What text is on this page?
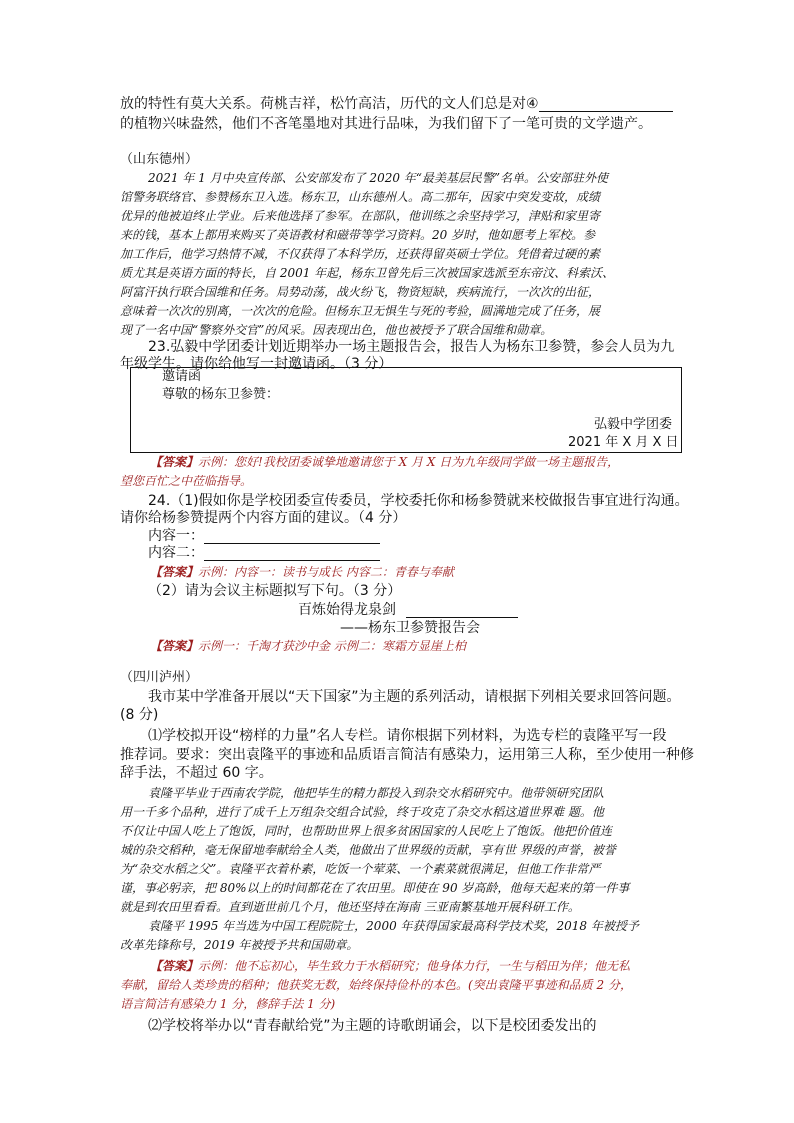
放的特性有莫大关系。荷桃吉祥，松竹高洁，历代的文人们总是对④
的植物兴味盎然，他们不吝笔墨地对其进行品味，为我们留下了一笔可贵的文学遗产。
（山东德州）
2021 年 1 月中央宣传部、公安部发布了 2020 年“最美基层民警”名单。公安部驻外使
馆警务联络官、参赞杨东卫入选。杨东卫，山东德州人。高二那年，因家中突发变故，成绩
优异的他被迫终止学业。后来他选择了参军。在部队，他训练之余坚持学习，津贴和家里寄
来的钱，基本上都用来购买了英语教材和磁带等学习资料。20 岁时，他如愿考上军校。参
加工作后，他学习热情不减，不仅获得了本科学历，还获得留英硕士学位。凭借着过硬的素
质尤其是英语方面的特长，自 2001 年起，杨东卫曾先后三次被国家选派至东帝汶、科索沃、
阿富汗执行联合国维和任务。局势动荡，战火纷飞，物资短缺，疾病流行，一次次的出征，
意味着一次次的别离，一次次的危险。但杨东卫无惧生与死的考验，圆满地完成了任务，展
现了一名中国“警察外交官”的风采。因表现出色，他也被授予了联合国维和勋章。
23.弘毅中学团委计划近期举办一场主题报告会，报告人为杨东卫参赞，参会人员为九
年级学生。请你给他写一封邀请函。（3 分）
邀请函
尊敬的杨东卫参赞：
弘毅中学团委
2021 年 X 月 X 日
【答案】示例：您好!我校团委诚挚地邀请您于 X 月 X 日为九年级同学做一场主题报告，
望您百忙之中莅临指导。
24.（1)假如你是学校团委宣传委员，学校委托你和杨参赞就来校做报告事宜进行沟通。
请你给杨参赞提两个内容方面的建议。（4 分）
内容一：
内容二：
【答案】示例：内容一：读书与成长 内容二：青春与奉献
（2）请为会议主标题拟写下句。（3 分）
百炼始得龙泉剑
——杨东卫参赞报告会
【答案】示例一：千淘才获沙中金 示例二：寒霜方显崖上柏
（四川泸州）
我市某中学准备开展以“天下国家”为主题的系列活动，请根据下列相关要求回答问题。
(8 分)
⑴学校拟开设“榜样的力量”名人专栏。请你根据下列材料，为选专栏的袁隆平写一段
推荐词。要求：突出袁隆平的事迹和品质语言简洁有感染力，运用第三人称，至少使用一种修
辞手法，不超过 60 字。
袁隆平毕业于西南农学院，他把毕生的精力都投入到杂交水稻研究中。他带领研究团队
用一千多个品种，进行了成千上万组杂交组合试验，终于攻克了杂交水稻这道世界难 题。他
不仅让中国人吃上了饱饭，同时，也帮助世界上很多贫困国家的人民吃上了饱饭。他把价值连
城的杂交稻种，毫无保留地奉献给全人类，他做出了世界级的贡献，享有世 界级的声誉，被誉
为“杂交水稻之父”。袁隆平衣着朴素，吃饭一个荤菜、一个素菜就很满足，但他工作非常严
谨，事必躬亲，把 80%以上的时间都花在了农田里。即使在 90 岁高龄，他每天起来的第一件事
就是到农田里看看。直到逝世前几个月，他还坚持在海南 三亚南繁基地开展科研工作。
袁隆平 1995 年当选为中国工程院院士，2000 年获得国家最高科学技术奖，2018 年被授予
改革先锋称号，2019 年被授予共和国勋章。
【答案】示例：他不忘初心，毕生致力于水稻研究；他身体力行，一生与稻田为伴；他无私
奉献，留给人类珍贵的稻种；他获奖无数，始终保持俭朴的本色。(突出袁隆平事迹和品质 2 分，
语言简洁有感染力 1 分，修辞手法 1 分)
⑵学校将举办以“青春献给党”为主题的诗歌朗诵会，以下是校团委发出的
